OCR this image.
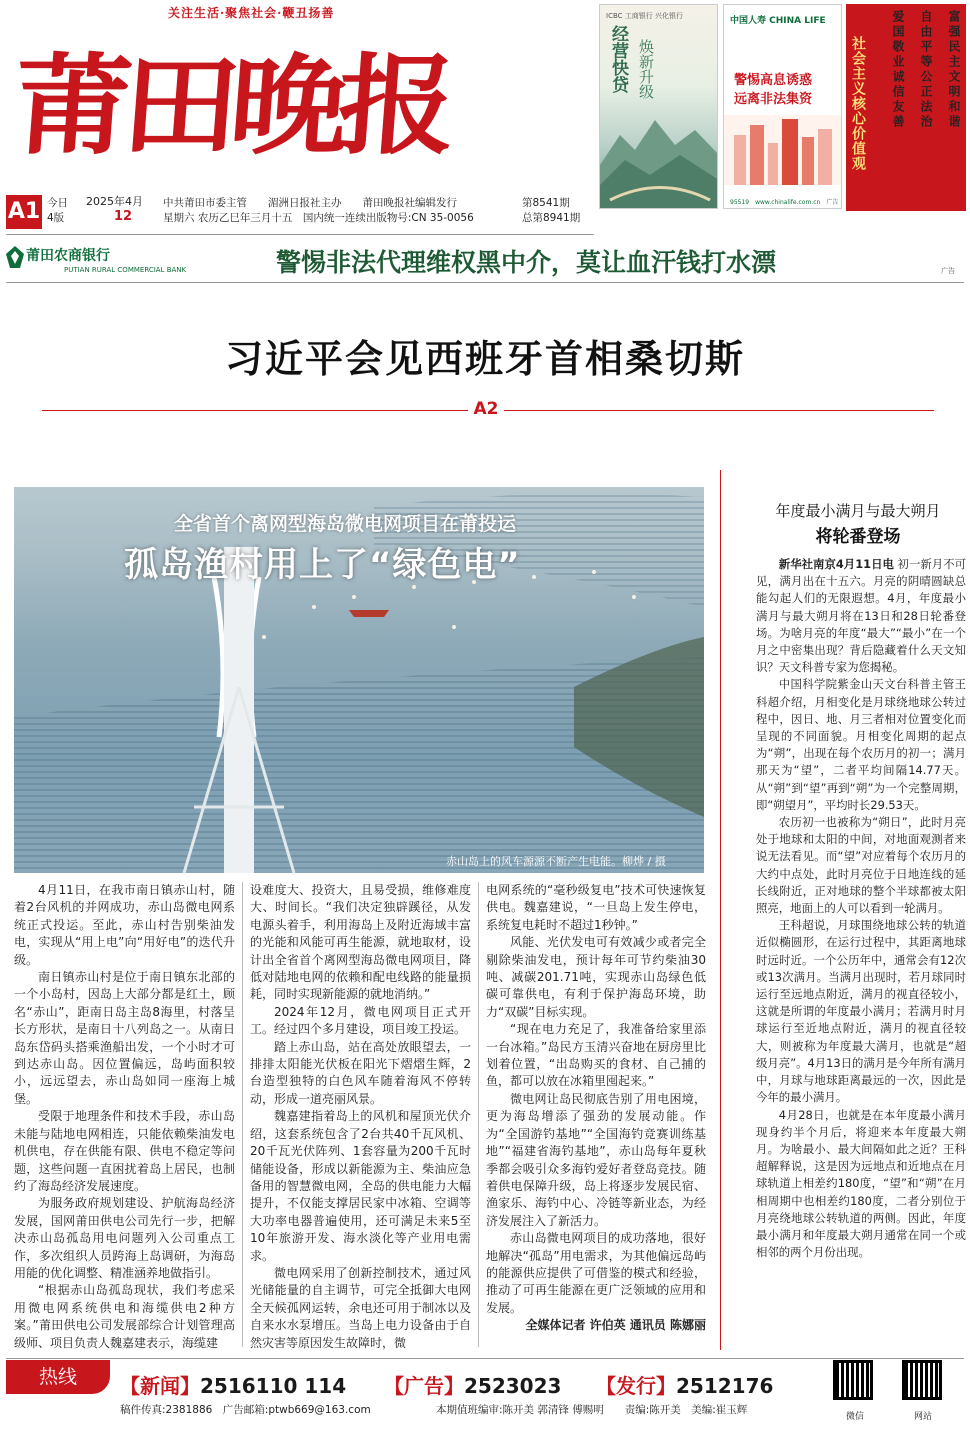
关注生活·聚焦社会·鞭丑扬善
莆田晚报
ICBC 工商银行 兴化银行
经营快贷 焕新升级
中国人寿 CHINA LIFE
警惕高息诱惑
远离非法集资
95519　 www.chinalife.com.cn　 广告
社会主义核心价值观	爱国敬业诚信友善	自由平等公正法治	富强民主文明和谐
A1 今日
4版
2025年4月
12
中共莆田市委主管　　湄洲日报社主办　　莆田晚报社编辑发行
星期六 农历乙巳年三月十五　国内统一连续出版物号:CN 35-0056
第8541期
总第8941期
莆田农商银行
PUTIAN RURAL COMMERCIAL BANK	警惕非法代理维权黑中介，莫让血汗钱打水漂	广告
习近平会见西班牙首相桑切斯
A2
全省首个离网型海岛微电网项目在莆投运
孤岛渔村用上了“绿色电”
赤山岛上的风车源源不断产生电能。柳烨 / 摄

4月11日，在我市南日镇赤山村，随着2台风机的并网成功，赤山岛微电网系统正式投运。至此，赤山村告别柴油发电，实现从“用上电”向“用好电”的迭代升级。

南日镇赤山村是位于南日镇东北部的一个小岛村，因岛上大部分都是红土，顾名“赤山”，距南日岛主岛8海里，村落呈长方形状，是南日十八列岛之一。从南日岛东岱码头搭乘渔船出发，一个小时才可到达赤山岛。因位置偏远，岛屿面积较小，远远望去，赤山岛如同一座海上城堡。

受限于地理条件和技术手段，赤山岛未能与陆地电网相连，只能依赖柴油发电机供电，存在供能有限、供电不稳定等问题，这些问题一直困扰着岛上居民，也制约了海岛经济发展速度。

为服务政府规划建设、护航海岛经济发展，国网莆田供电公司先行一步，把解决赤山岛孤岛用电问题列入公司重点工作，多次组织人员跨海上岛调研，为海岛用能的优化调整、精准涵养地做指引。

“根据赤山岛孤岛现状，我们考虑采用微电网系统供电和海缆供电2种方案。”莆田供电公司发展部综合计划管理高级师、项目负责人魏嘉建表示，海缆建

设难度大、投资大，且易受损，维修难度大、时间长。“我们决定独辟蹊径，从发电源头着手，利用海岛上及附近海域丰富的光能和风能可再生能源，就地取材，设计出全省首个离网型海岛微电网项目，降低对陆地电网的依赖和配电线路的能量损耗，同时实现新能源的就地消纳。”

2024年12月，微电网项目正式开工。经过四个多月建设，项目竣工投运。

踏上赤山岛，站在高处放眼望去，一排排太阳能光伏板在阳光下熠熠生辉，2台造型独特的白色风车随着海风不停转动，形成一道亮丽风景。

魏嘉建指着岛上的风机和屋顶光伏介绍，这套系统包含了2台共40千瓦风机、20千瓦光伏阵列、1套容量为200千瓦时储能设备，形成以新能源为主、柴油应急备用的智慧微电网，全岛的供电能力大幅提升，不仅能支撑居民家中冰箱、空调等大功率电器普遍使用，还可满足未来5至10年旅游开发、海水淡化等产业用电需求。

微电网采用了创新控制技术，通过风光储能量的自主调节，可完全抵御大电网全天候孤网运转，余电还可用于制冰以及自来水水泵增压。当岛上电力设备由于自然灾害等原因发生故障时，微

电网系统的“毫秒级复电”技术可快速恢复供电。魏嘉建说，“一旦岛上发生停电，系统复电耗时不超过1秒钟。”

风能、光伏发电可有效减少或者完全剔除柴油发电，预计每年可节约柴油30吨、减碳201.71吨，实现赤山岛绿色低碳可靠供电，有利于保护海岛环境，助力“双碳”目标实现。

“现在电力充足了，我准备给家里添一台冰箱。”岛民方玉清兴奋地在厨房里比划着位置，“出岛购买的食材、自己捕的鱼，都可以放在冰箱里囤起来。”

微电网让岛民彻底告别了用电困境，更为海岛增添了强劲的发展动能。作为“全国游钓基地”“全国海钓竞赛训练基地”“福建省海钓基地”，赤山岛每年夏秋季都会吸引众多海钓爱好者登岛竞技。随着供电保障升级，岛上将逐步发展民宿、渔家乐、海钓中心、冷链等新业态，为经济发展注入了新活力。

赤山岛微电网项目的成功落地，很好地解决“孤岛”用电需求，为其他偏远岛屿的能源供应提供了可借鉴的模式和经验，推动了可再生能源在更广泛领域的应用和发展。

全媒体记者 许伯英 通讯员 陈娜丽
年度最小满月与最大朔月
将轮番登场

新华社南京4月11日电 初一新月不可见，满月出在十五六。月亮的阴晴圆缺总能勾起人们的无限遐想。4月，年度最小满月与最大朔月将在13日和28日轮番登场。为啥月亮的年度“最大”“最小”在一个月之中密集出现？背后隐藏着什么天文知识？天文科普专家为您揭秘。

中国科学院紫金山天文台科普主管王科超介绍，月相变化是月球绕地球公转过程中，因日、地、月三者相对位置变化而呈现的不同面貌。月相变化周期的起点为“朔”，出现在每个农历月的初一；满月那天为“望”，二者平均间隔14.77天。从“朔”到“望”再到“朔”为一个完整周期，即“朔望月”，平均时长29.53天。

农历初一也被称为“朔日”，此时月亮处于地球和太阳的中间，对地面观测者来说无法看见。而“望”对应着每个农历月的大约中点处，此时月亮位于日地连线的延长线附近，正对地球的整个半球都被太阳照亮，地面上的人可以看到一轮满月。

王科超说，月球围绕地球公转的轨道近似椭圆形，在运行过程中，其距离地球时远时近。一个公历年中，通常会有12次或13次满月。当满月出现时，若月球同时运行至远地点附近，满月的视直径较小，这就是所谓的年度最小满月；若满月时月球运行至近地点附近，满月的视直径较大，则被称为年度最大满月，也就是“超级月亮”。4月13日的满月是今年所有满月中，月球与地球距离最远的一次，因此是今年的最小满月。

4月28日，也就是在本年度最小满月现身约半个月后，将迎来本年度最大朔月。为啥最小、最大间隔如此之近？王科超解释说，这是因为远地点和近地点在月球轨道上相差约180度，“望”和“朔”在月相周期中也相差约180度，二者分别位于月亮绕地球公转轨道的两侧。因此，年度最小满月和年度最大朔月通常在同一个或相邻的两个月份出现。

热线	【新闻】2516110 114 【广告】2523023 【发行】2512176
稿件传真:2381886　广告邮箱:ptwb669@163.com	本期值班编审:陈开美 郭清锋 傅赐明　　责编:陈开美　美编:崔玉辉
微信	网站
